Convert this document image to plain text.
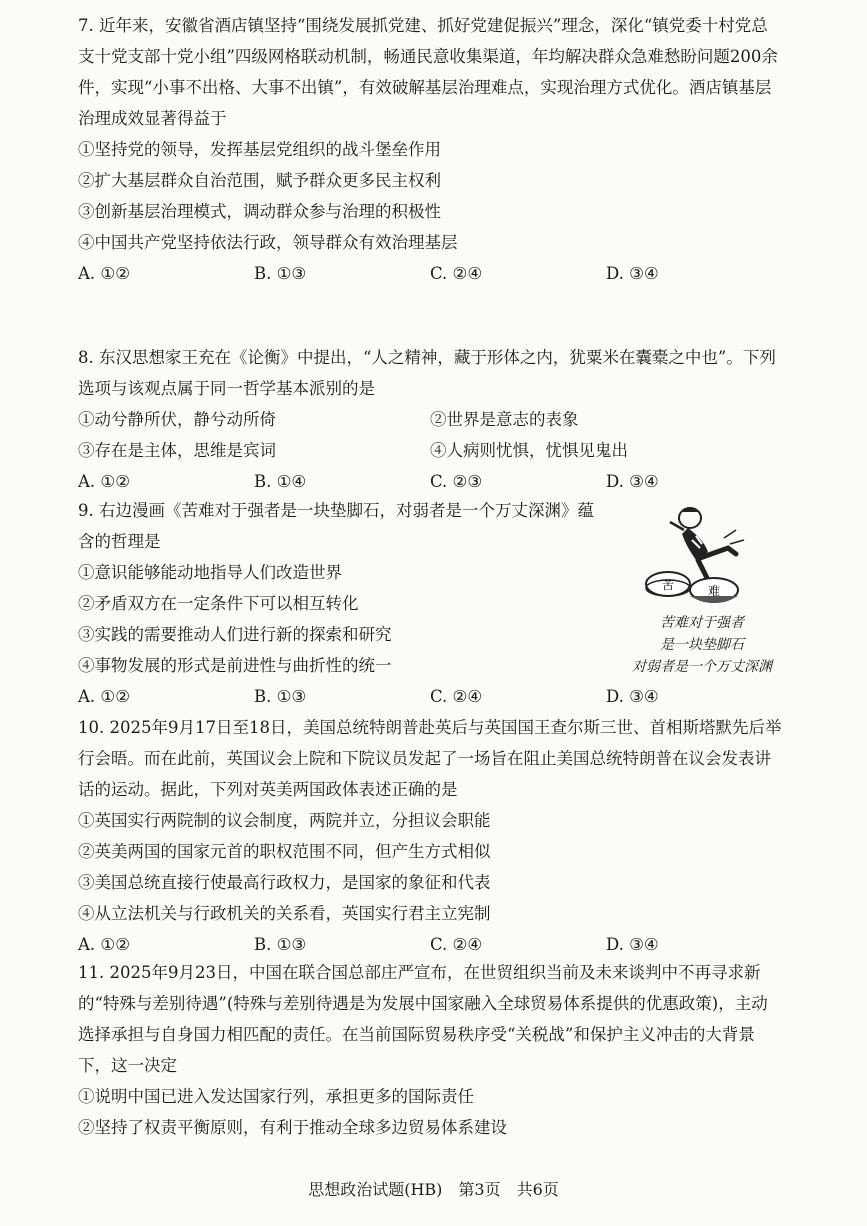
7. 近年来，安徽省酒店镇坚持“围绕发展抓党建、抓好党建促振兴”理念，深化“镇党委十村党总支十党支部十党小组”四级网格联动机制，畅通民意收集渠道，年均解决群众急难愁盼问题200余件，实现“小事不出格、大事不出镇”，有效破解基层治理难点，实现治理方式优化。酒店镇基层治理成效显著得益于

①坚持党的领导，发挥基层党组织的战斗堡垒作用

②扩大基层群众自治范围，赋予群众更多民主权利

③创新基层治理模式，调动群众参与治理的积极性

④中国共产党坚持依法行政，领导群众有效治理基层

A. ①②	B. ①③	C. ②④	D. ③④

8. 东汉思想家王充在《论衡》中提出，“人之精神，藏于形体之内，犹粟米在囊橐之中也”。下列选项与该观点属于同一哲学基本派别的是

①动兮静所伏，静兮动所倚	②世界是意志的表象
③存在是主体，思维是宾词	④人病则忧惧，忧惧见鬼出
A. ①②	B. ①④	C. ②③	D. ③④

9. 右边漫画《苦难对于强者是一块垫脚石，对弱者是一个万丈深渊》蕴含的哲理是

①意识能够能动地指导人们改造世界

②矛盾双方在一定条件下可以相互转化

③实践的需要推动人们进行新的探索和研究

④事物发展的形式是前进性与曲折性的统一

A. ①②	B. ①③	C. ②④	D. ③④
苦	难
苦难对于强者
是一块垫脚石
对弱者是一个万丈深渊

10. 2025年9月17日至18日，美国总统特朗普赴英后与英国国王查尔斯三世、首相斯塔默先后举行会晤。而在此前，英国议会上院和下院议员发起了一场旨在阻止美国总统特朗普在议会发表讲话的运动。据此，下列对英美两国政体表述正确的是

①英国实行两院制的议会制度，两院并立，分担议会职能

②英美两国的国家元首的职权范围不同，但产生方式相似

③美国总统直接行使最高行政权力，是国家的象征和代表

④从立法机关与行政机关的关系看，英国实行君主立宪制

A. ①②	B. ①③	C. ②④	D. ③④

11. 2025年9月23日，中国在联合国总部庄严宣布，在世贸组织当前及未来谈判中不再寻求新的“特殊与差别待遇”(特殊与差别待遇是为发展中国家融入全球贸易体系提供的优惠政策)，主动选择承担与自身国力相匹配的责任。在当前国际贸易秩序受“关税战”和保护主义冲击的大背景下，这一决定

①说明中国已进入发达国家行列，承担更多的国际责任

②坚持了权责平衡原则，有利于推动全球多边贸易体系建设

思想政治试题(HB)　第3页　共6页
